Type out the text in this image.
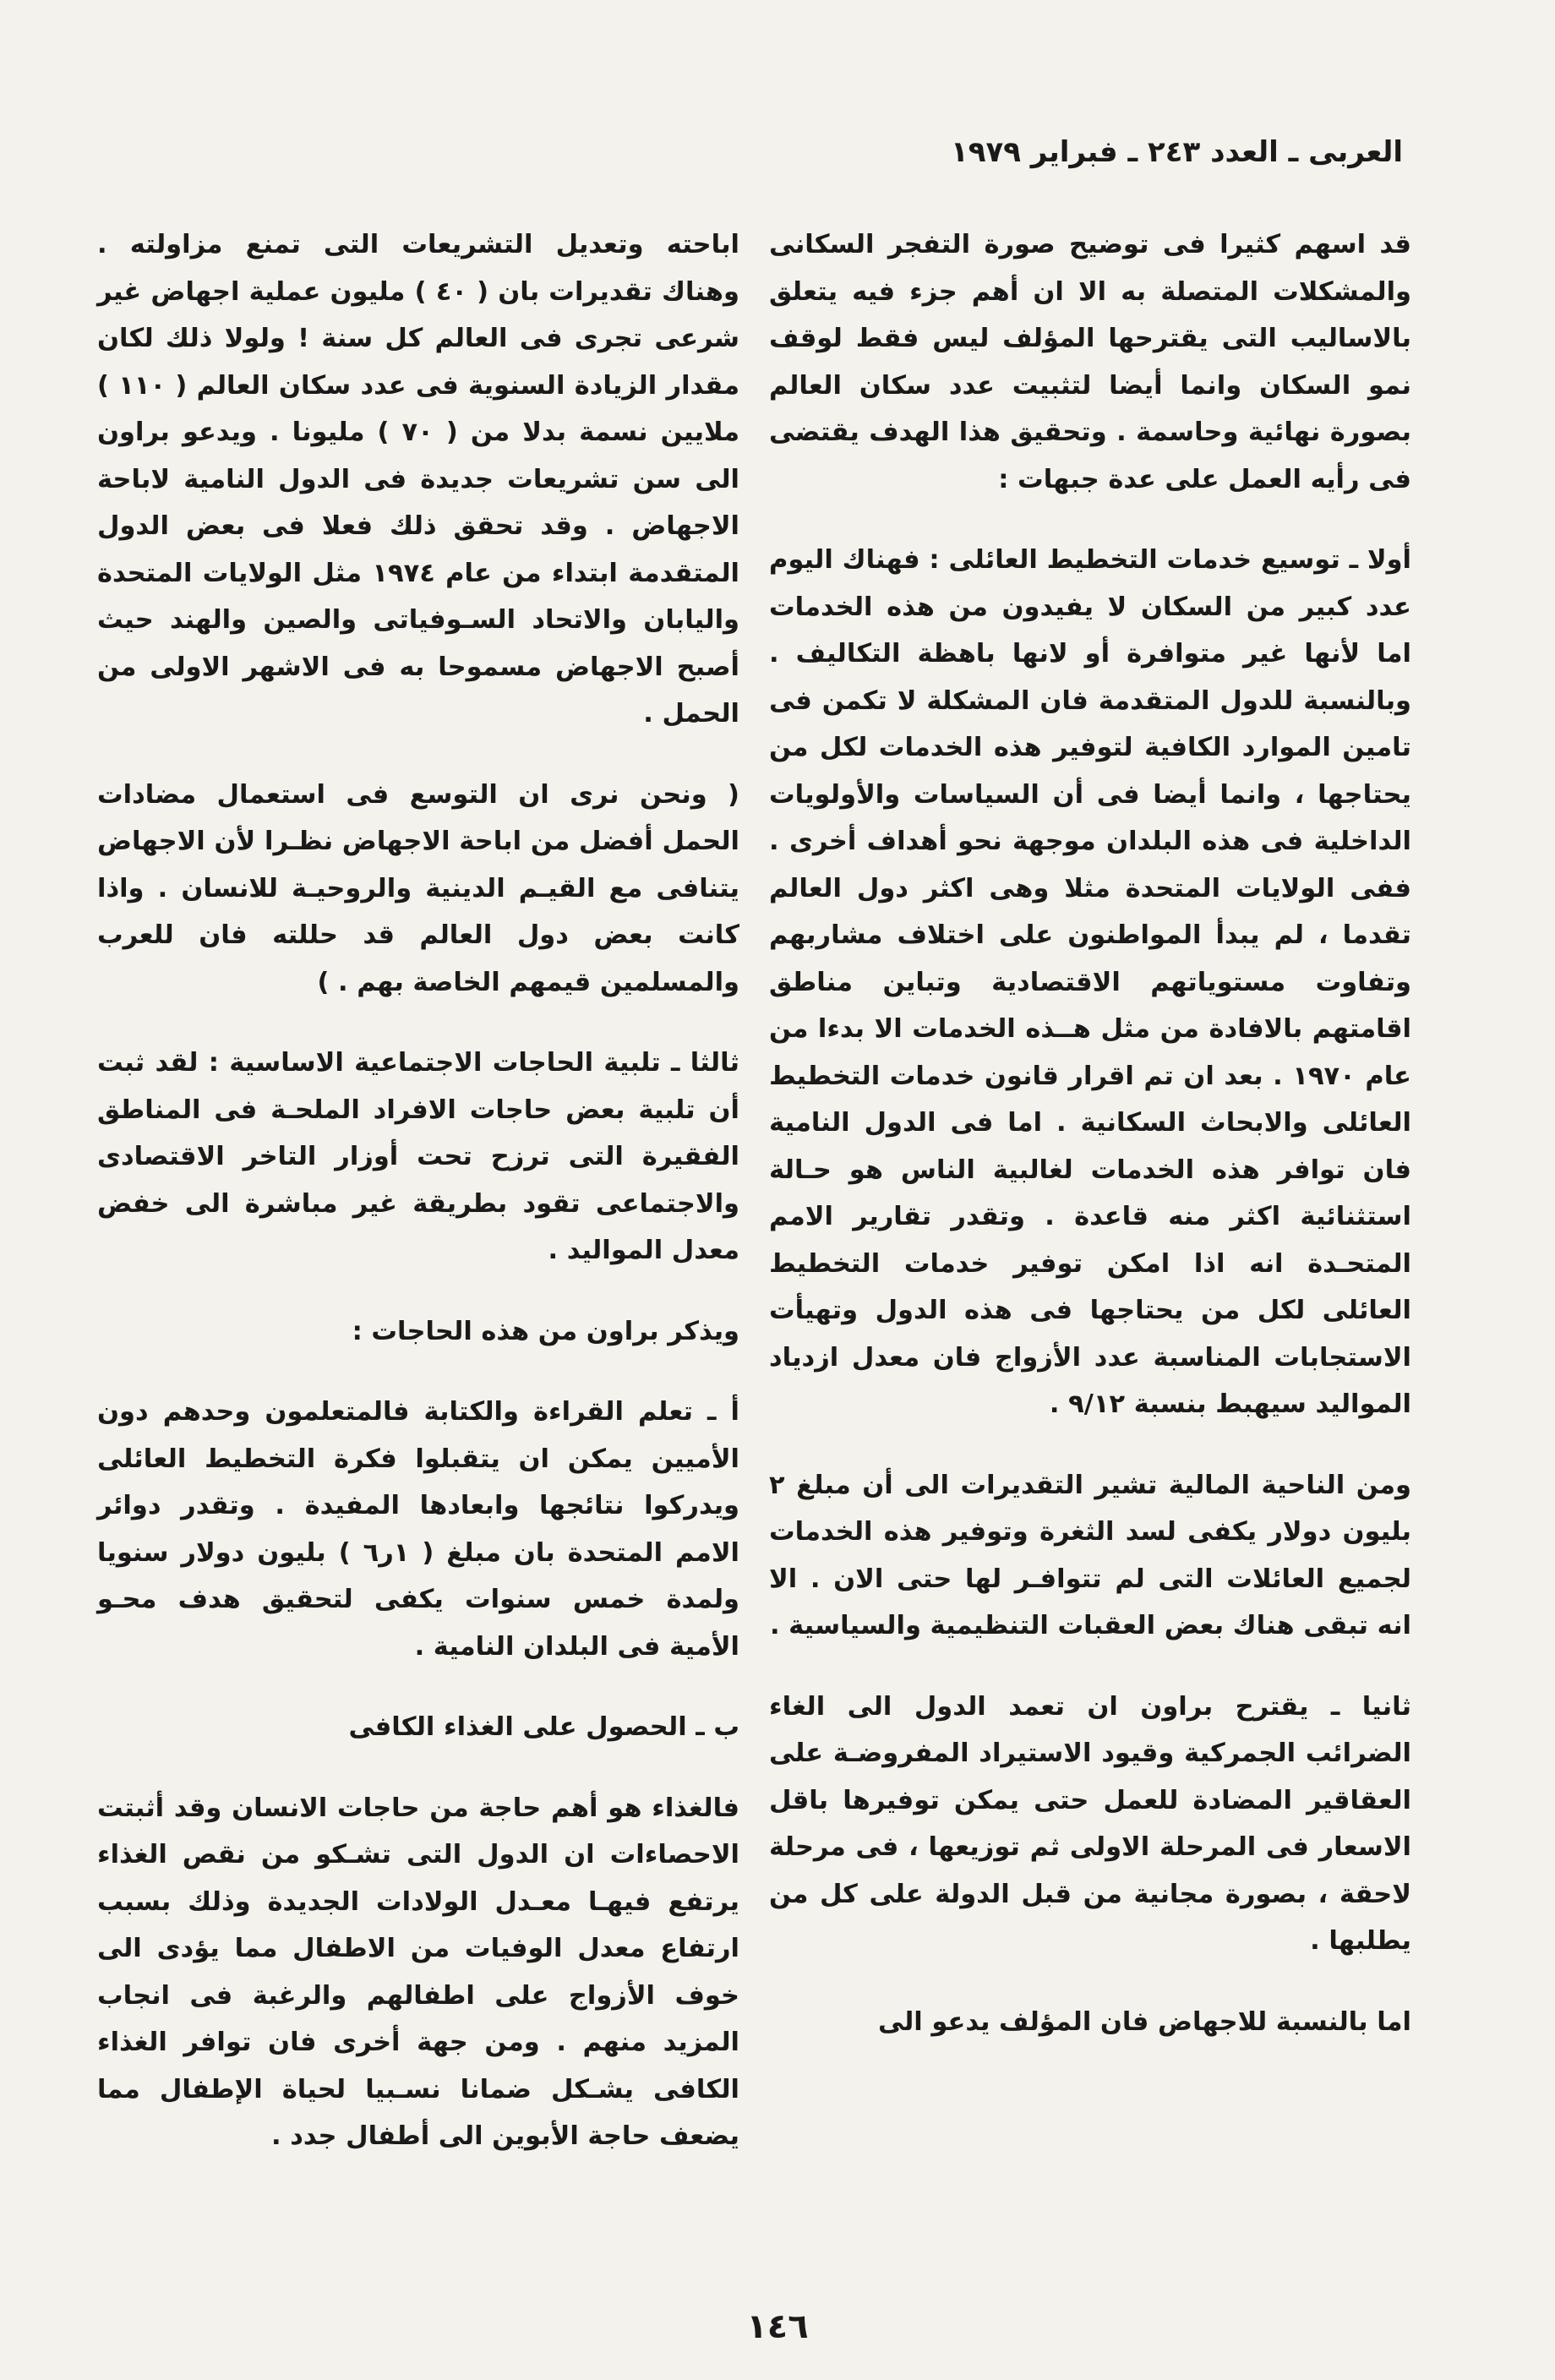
العربى ـ العدد ٢٤٣ ـ فبراير ١٩٧٩

قد اسهم كثيرا فى توضيح صورة التفجر السكانى والمشكلات المتصلة به الا ان أهم جزء فيه يتعلق بالاساليب التى يقترحها المؤلف ليس فقط لوقف نمو السكان وانما أيضا لتثبيت عدد سكان العالم بصورة نهائية وحاسمة . وتحقيق هذا الهدف يقتضى فى رأيه العمل على عدة جبهات :

أولا ـ توسيع خدمات التخطيط العائلى : فهناك اليوم عدد كبير من السكان لا يفيدون من هذه الخدمات اما لأنها غير متوافرة أو لانها باهظة التكاليف . وبالنسبة للدول المتقدمة فان المشكلة لا تكمن فى تامين الموارد الكافية لتوفير هذه الخدمات لكل من يحتاجها ، وانما أيضا فى أن السياسات والأولويات الداخلية فى هذه البلدان موجهة نحو أهداف أخرى . ففى الولايات المتحدة مثلا وهى اكثر دول العالم تقدما ، لم يبدأ المواطنون على اختلاف مشاربهم وتفاوت مستوياتهم الاقتصادية وتباين مناطق اقامتهم بالافادة من مثل هــذه الخدمات الا بدءا من عام ١٩٧٠ . بعد ان تم اقرار قانون خدمات التخطيط العائلى والابحاث السكانية . اما فى الدول النامية فان توافر هذه الخدمات لغالبية الناس هو حـالة استثنائية اكثر منه قاعدة . وتقدر تقارير الامم المتحـدة انه اذا امكن توفير خدمات التخطيط العائلى لكل من يحتاجها فى هذه الدول وتهيأت الاستجابات المناسبة عدد الأزواج فان معدل ازدياد المواليد سيهبط بنسبة ٩/١٢ .

ومن الناحية المالية تشير التقديرات الى أن مبلغ ٢ بليون دولار يكفى لسد الثغرة وتوفير هذه الخدمات لجميع العائلات التى لم تتوافـر لها حتى الان . الا انه تبقى هناك بعض العقبات التنظيمية والسياسية .

ثانيا ـ يقترح براون ان تعمد الدول الى الغاء الضرائب الجمركية وقيود الاستيراد المفروضـة على العقاقير المضادة للعمل حتى يمكن توفيرها باقل الاسعار فى المرحلة الاولى ثم توزيعها ، فى مرحلة لاحقة ، بصورة مجانية من قبل الدولة على كل من يطلبها .

اما بالنسبة للاجهاض فان المؤلف يدعو الى

اباحته وتعديل التشريعات التى تمنع مزاولته . وهناك تقديرات بان ( ٤٠ ) مليون عملية اجهاض غير شرعى تجرى فى العالم كل سنة ! ولولا ذلك لكان مقدار الزيادة السنوية فى عدد سكان العالم ( ١١٠ ) ملايين نسمة بدلا من ( ٧٠ ) مليونا . ويدعو براون الى سن تشريعات جديدة فى الدول النامية لاباحة الاجهاض . وقد تحقق ذلك فعلا فى بعض الدول المتقدمة ابتداء من عام ١٩٧٤ مثل الولايات المتحدة واليابان والاتحاد السـوفياتى والصين والهند حيث أصبح الاجهاض مسموحا به فى الاشهر الاولى من الحمل .

( ونحن نرى ان التوسع فى استعمال مضادات الحمل أفضل من اباحة الاجهاض نظـرا لأن الاجهاض يتنافى مع القيـم الدينية والروحيـة للانسان . واذا كانت بعض دول العالم قد حللته فان للعرب والمسلمين قيمهم الخاصة بهم . )

ثالثا ـ تلبية الحاجات الاجتماعية الاساسية : لقد ثبت أن تلبية بعض حاجات الافراد الملحـة فى المناطق الفقيرة التى ترزح تحت أوزار التاخر الاقتصادى والاجتماعى تقود بطريقة غير مباشرة الى خفض معدل المواليد .

ويذكر براون من هذه الحاجات :

أ ـ تعلم القراءة والكتابة فالمتعلمون وحدهم دون الأميين يمكن ان يتقبلوا فكرة التخطيط العائلى ويدركوا نتائجها وابعادها المفيدة . وتقدر دوائر الامم المتحدة بان مبلغ ( ١ر٦ ) بليون دولار سنويا ولمدة خمس سنوات يكفى لتحقيق هدف محـو الأمية فى البلدان النامية .

ب ـ الحصول على الغذاء الكافى

فالغذاء هو أهم حاجة من حاجات الانسان وقد أثبتت الاحصاءات ان الدول التى تشـكو من نقص الغذاء يرتفع فيهـا معـدل الولادات الجديدة وذلك بسبب ارتفاع معدل الوفيات من الاطفال مما يؤدى الى خوف الأزواج على اطفالهم والرغبة فى انجاب المزيد منهم . ومن جهة أخرى فان توافر الغذاء الكافى يشـكل ضمانا نسـبيا لحياة الإطفال مما يضعف حاجة الأبوين الى أطفال جدد .

١٤٦
